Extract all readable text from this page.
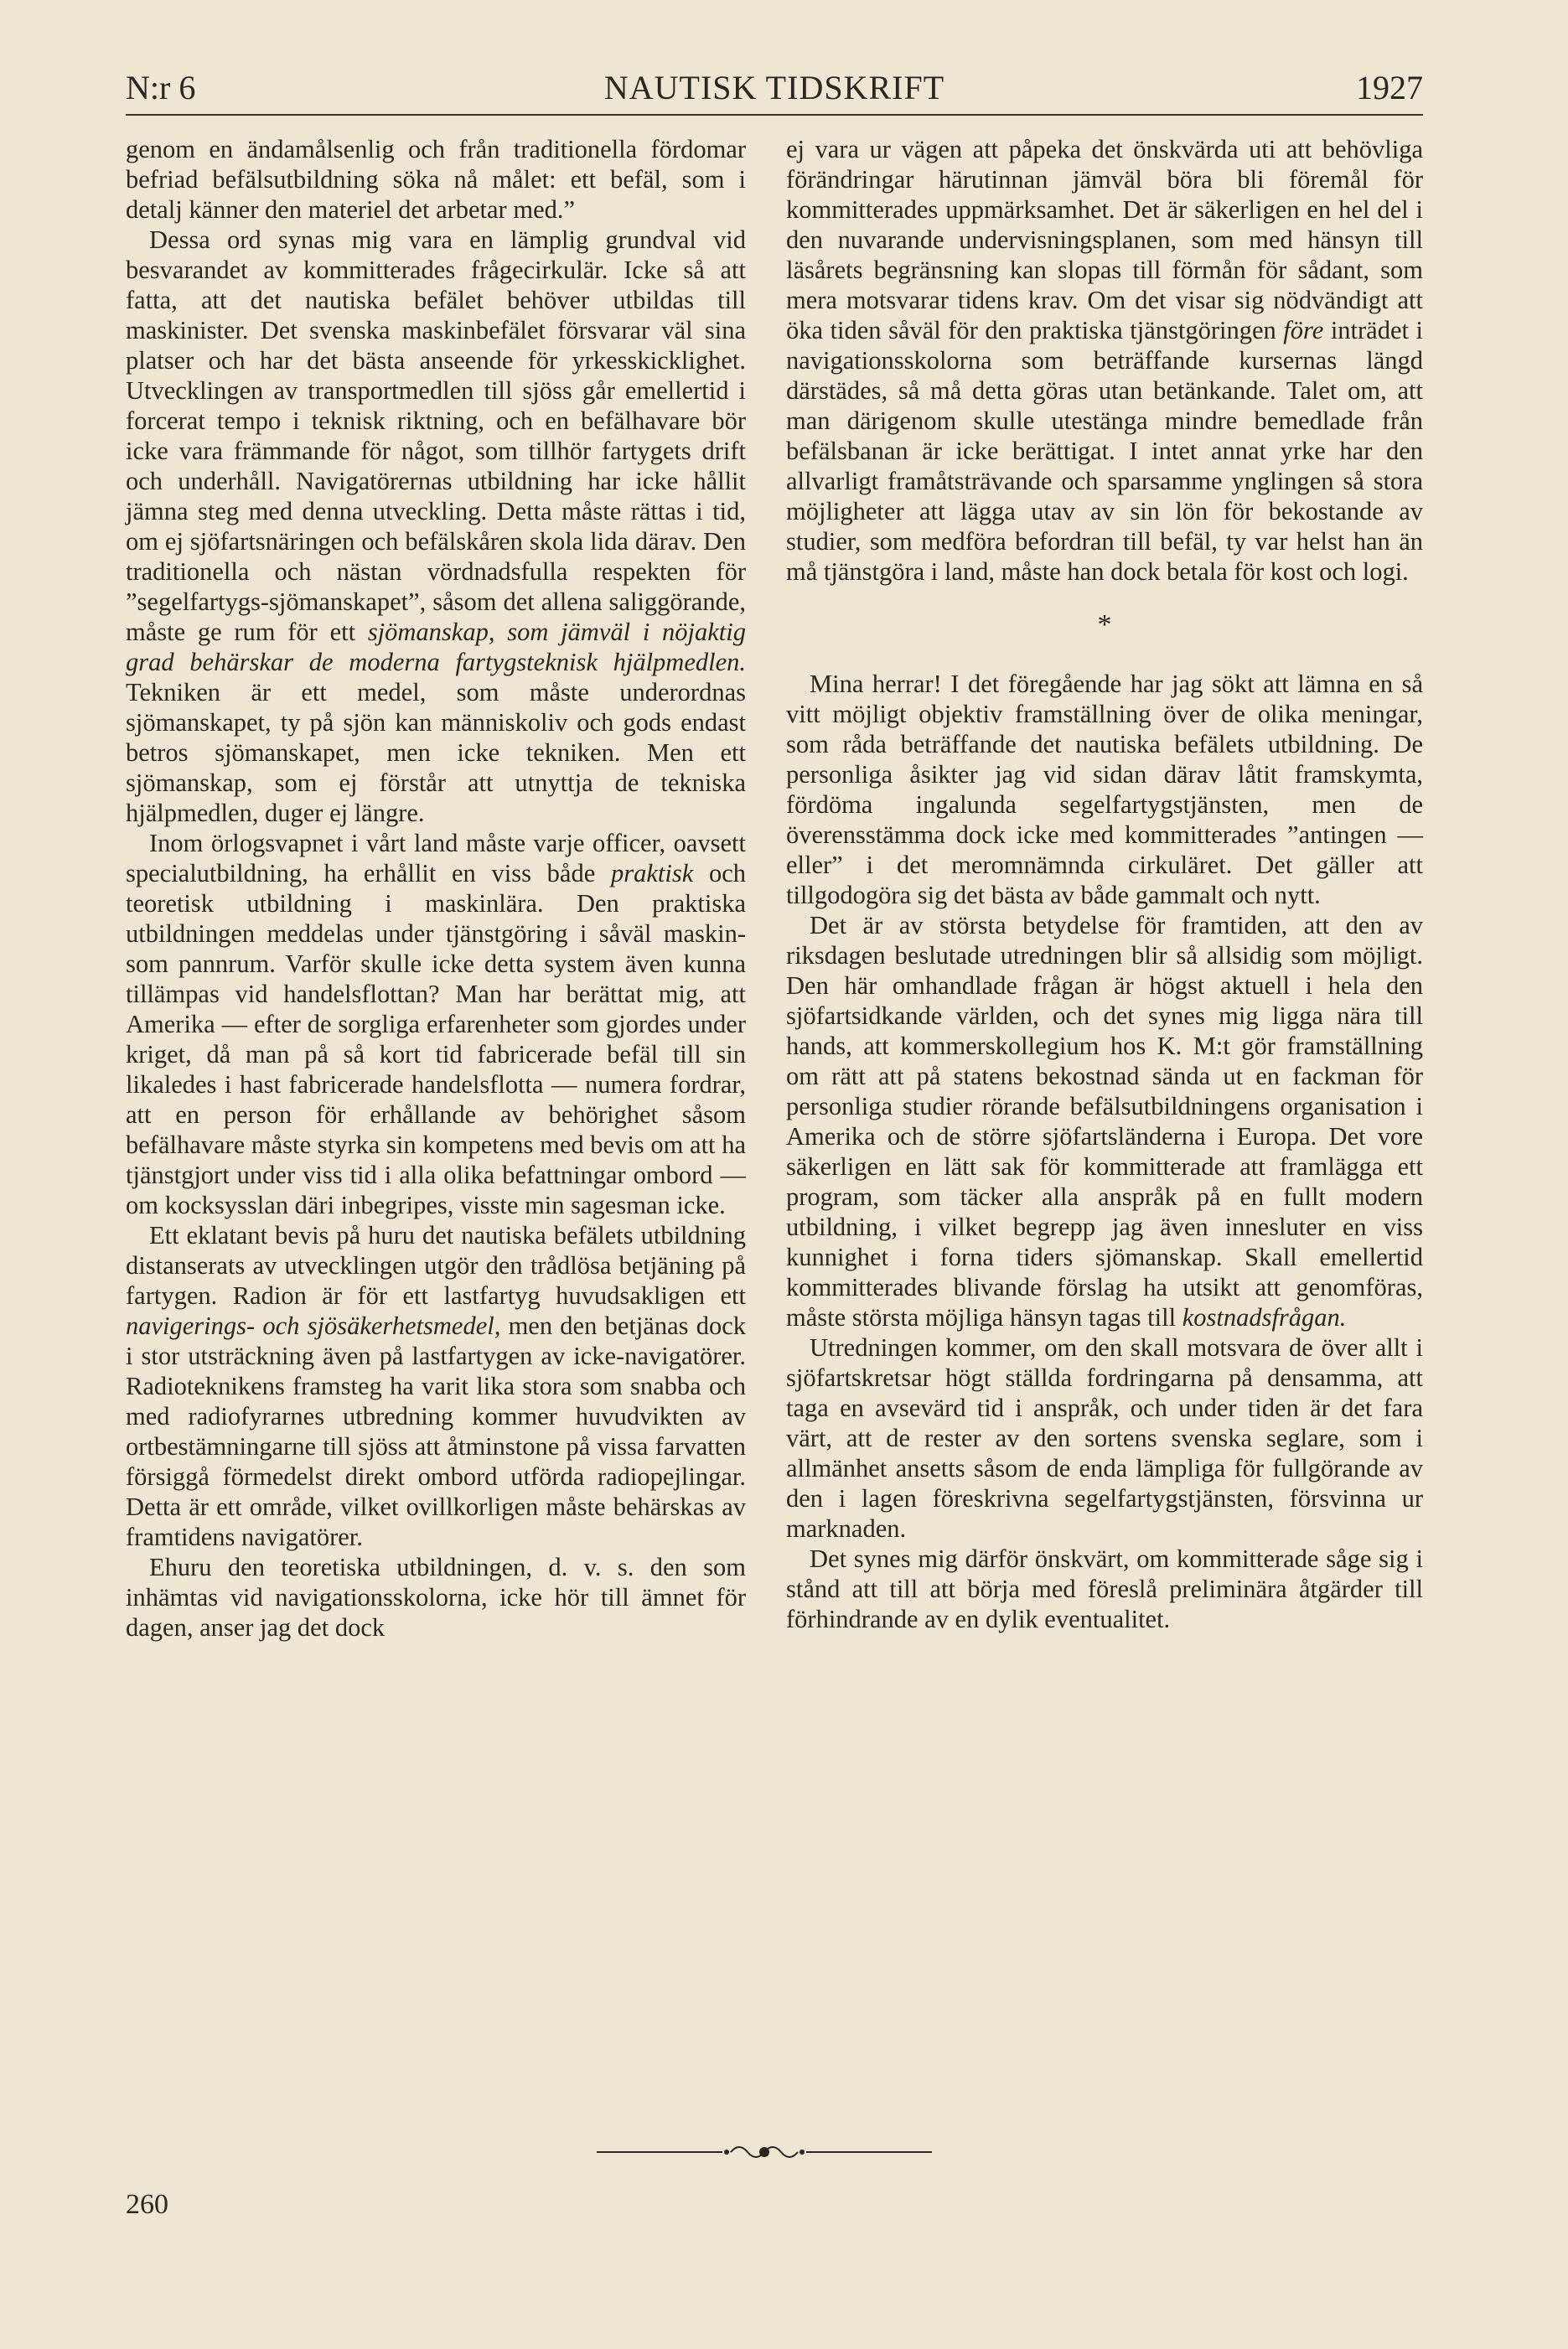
N:r 6	NAUTISK TIDSKRIFT	1927

genom en ändamålsenlig och från traditionella fördomar befriad befälsutbildning söka nå målet: ett befäl, som i detalj känner den materiel det arbetar med.”

Dessa ord synas mig vara en lämplig grundval vid besvarandet av kommitterades frågecirkulär. Icke så att fatta, att det nautiska befälet behöver utbildas till maskinister. Det svenska maskinbefälet försvarar väl sina platser och har det bästa anseende för yrkesskicklighet. Utvecklingen av transportmedlen till sjöss går emellertid i forcerat tempo i teknisk riktning, och en befälhavare bör icke vara främmande för något, som tillhör fartygets drift och underhåll. Navigatörernas utbildning har icke hållit jämna steg med denna utveckling. Detta måste rättas i tid, om ej sjöfartsnäringen och befälskåren skola lida därav. Den traditionella och nästan vördnadsfulla respekten för ”segelfartygs-sjömanskapet”, såsom det allena saliggörande, måste ge rum för ett sjömanskap, som jämväl i nöjaktig grad behärskar de moderna fartygsteknisk hjälpmedlen. Tekniken är ett medel, som måste underordnas sjömanskapet, ty på sjön kan människoliv och gods endast betros sjömanskapet, men icke tekniken. Men ett sjömanskap, som ej förstår att utnyttja de tekniska hjälpmedlen, duger ej längre.

Inom örlogsvapnet i vårt land måste varje officer, oavsett specialutbildning, ha erhållit en viss både praktisk och teoretisk utbildning i maskinlära. Den praktiska utbildningen meddelas under tjänstgöring i såväl maskin- som pannrum. Varför skulle icke detta system även kunna tillämpas vid handelsflottan? Man har berättat mig, att Amerika — efter de sorgliga erfarenheter som gjordes under kriget, då man på så kort tid fabricerade befäl till sin likaledes i hast fabricerade handelsflotta — numera fordrar, att en person för erhållande av behörighet såsom befälhavare måste styrka sin kompetens med bevis om att ha tjänstgjort under viss tid i alla olika befattningar ombord — om kocksysslan däri inbegripes, visste min sagesman icke.

Ett eklatant bevis på huru det nautiska befälets utbildning distanserats av utvecklingen utgör den trådlösa betjäning på fartygen. Radion är för ett lastfartyg huvudsakligen ett navigerings- och sjösäkerhetsmedel, men den betjänas dock i stor utsträckning även på lastfartygen av icke-navigatörer. Radioteknikens framsteg ha varit lika stora som snabba och med radiofyrarnes utbredning kommer huvudvikten av ortbestämningarne till sjöss att åtminstone på vissa farvatten försiggå förmedelst direkt ombord utförda radiopejlingar. Detta är ett område, vilket ovillkorligen måste behärskas av framtidens navigatörer.

Ehuru den teoretiska utbildningen, d. v. s. den som inhämtas vid navigationsskolorna, icke hör till ämnet för dagen, anser jag det dock

ej vara ur vägen att påpeka det önskvärda uti att behövliga förändringar härutinnan jämväl böra bli föremål för kommitterades uppmärksamhet. Det är säkerligen en hel del i den nuvarande undervisningsplanen, som med hänsyn till läsårets begränsning kan slopas till förmån för sådant, som mera motsvarar tidens krav. Om det visar sig nödvändigt att öka tiden såväl för den praktiska tjänstgöringen före inträdet i navigationsskolorna som beträffande kursernas längd därstädes, så må detta göras utan betänkande. Talet om, att man därigenom skulle utestänga mindre bemedlade från befälsbanan är icke berättigat. I intet annat yrke har den allvarligt framåtsträvande och sparsamme ynglingen så stora möjligheter att lägga utav av sin lön för bekostande av studier, som medföra befordran till befäl, ty var helst han än må tjänstgöra i land, måste han dock betala för kost och logi.

*

Mina herrar! I det föregående har jag sökt att lämna en så vitt möjligt objektiv framställning över de olika meningar, som råda beträffande det nautiska befälets utbildning. De personliga åsikter jag vid sidan därav låtit framskymta, fördöma ingalunda segelfartygstjänsten, men de överensstämma dock icke med kommitterades ”antingen — eller” i det meromnämnda cirkuläret. Det gäller att tillgodogöra sig det bästa av både gammalt och nytt.

Det är av största betydelse för framtiden, att den av riksdagen beslutade utredningen blir så allsidig som möjligt. Den här omhandlade frågan är högst aktuell i hela den sjöfartsidkande världen, och det synes mig ligga nära till hands, att kommerskollegium hos K. M:t gör framställning om rätt att på statens bekostnad sända ut en fackman för personliga studier rörande befälsutbildningens organisation i Amerika och de större sjöfartsländerna i Europa. Det vore säkerligen en lätt sak för kommitterade att framlägga ett program, som täcker alla anspråk på en fullt modern utbildning, i vilket begrepp jag även innesluter en viss kunnighet i forna tiders sjömanskap. Skall emellertid kommitterades blivande förslag ha utsikt att genomföras, måste största möjliga hänsyn tagas till kostnadsfrågan.

Utredningen kommer, om den skall motsvara de över allt i sjöfartskretsar högt ställda fordringarna på densamma, att taga en avsevärd tid i anspråk, och under tiden är det fara värt, att de rester av den sortens svenska seglare, som i allmänhet ansetts såsom de enda lämpliga för fullgörande av den i lagen föreskrivna segelfartygstjänsten, försvinna ur marknaden.

Det synes mig därför önskvärt, om kommitterade såge sig i stånd att till att börja med föreslå preliminära åtgärder till förhindrande av en dylik eventualitet.

260
